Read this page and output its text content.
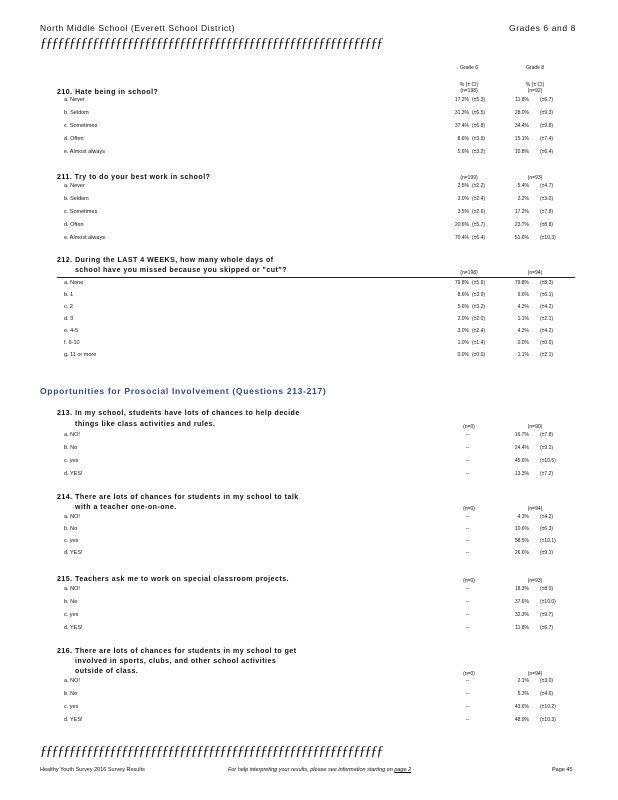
North Middle School (Everett School District)	Grades 6 and 8
ƒƒƒƒƒƒƒƒƒƒƒƒƒƒƒƒƒƒƒƒƒƒƒƒƒƒƒƒƒƒƒƒƒƒƒƒƒƒƒƒƒƒƒƒƒƒƒƒƒƒƒƒƒƒƒƒƒƒƒ
Grade 6	Grade 8
% (± CI)	% (± CI)
(n=198)	(n=92)
210. Hate being in school?
a. Never	17.2% (±5.3)	11.8% (±6.7)
b. Seldom	31.3% (±6.5)	28.0% (±9.3)
c. Sometimes	37.4% (±6.8)	34.4% (±9.8)
d. Often	8.6% (±3.9)	15.1% (±7.4)
e. Almost always	5.6% (±3.2)	10.8% (±6.4)
211. Try to do your best work in school?	(n=199)	(n=93)
a. Never	2.5% (±2.2)	5.4% (±4.7)
b. Seldom	3.0% (±2.4)	2.2% (±3.0)
c. Sometimes	3.5% (±2.6)	17.2% (±7.8)
d. Often	20.6% (±5.7)	23.7% (±8.8)
e. Almost always	70.4% (±6.4)	51.6% (±10.3)
212. During the LAST 4 WEEKS, how many whole days of
school have you missed because you skipped or "cut"?	(n=198)	(n=94)
a. None	79.8% (±5.6)	79.8% (±8.3)
b. 1	8.6% (±3.9)	9.6% (±6.1)
c. 2	5.6% (±3.2)	4.3% (±4.2)
d. 3	2.0% (±2.0)	1.1% (±2.1)
e. 4-5	3.0% (±2.4)	4.3% (±4.2)
f. 6-10	1.0% (±1.4)	0.0% (±0.0)
g. 11 or more	0.0% (±0.0)	1.1% (±2.1)
Opportunities for Prosocial Involvement (Questions 213-217)
213. In my school, students have lots of chances to help decide
things like class activities and rules.	(n=0)	(n=90)
a. NO!	--	16.7% (±7.8)
b. No	--	24.4% (±9.1)
c. yes	--	45.6% (±10.5)
d. YES!	--	13.3% (±7.2)
214. There are lots of chances for students in my school to talk
with a teacher one-on-one.	(n=0)	(n=94)
a. NO!	--	4.3% (±4.2)
b. No	--	10.6% (±6.3)
c. yes	--	58.5% (±10.1)
d. YES!	--	26.6% (±9.1)
215. Teachers ask me to work on special classroom projects.	(n=0)	(n=93)
a. NO!	--	18.3% (±8.0)
b. No	--	37.6% (±10.0)
c. yes	--	32.3% (±9.7)
d. YES!	--	11.8% (±6.7)
216. There are lots of chances for students in my school to get
involved in sports, clubs, and other school activities
outside of class.	(n=0)	(n=94)
a. NO!	--	2.1% (±3.0)
b. No	--	5.3% (±4.6)
c. yes	--	43.6% (±10.2)
d. YES!	--	48.9% (±10.3)
ƒƒƒƒƒƒƒƒƒƒƒƒƒƒƒƒƒƒƒƒƒƒƒƒƒƒƒƒƒƒƒƒƒƒƒƒƒƒƒƒƒƒƒƒƒƒƒƒƒƒƒƒƒƒƒƒƒƒƒ
Healthy Youth Survey 2016 Survey Results	For help interpreting your results, please see information starting on page 2	Page 45
